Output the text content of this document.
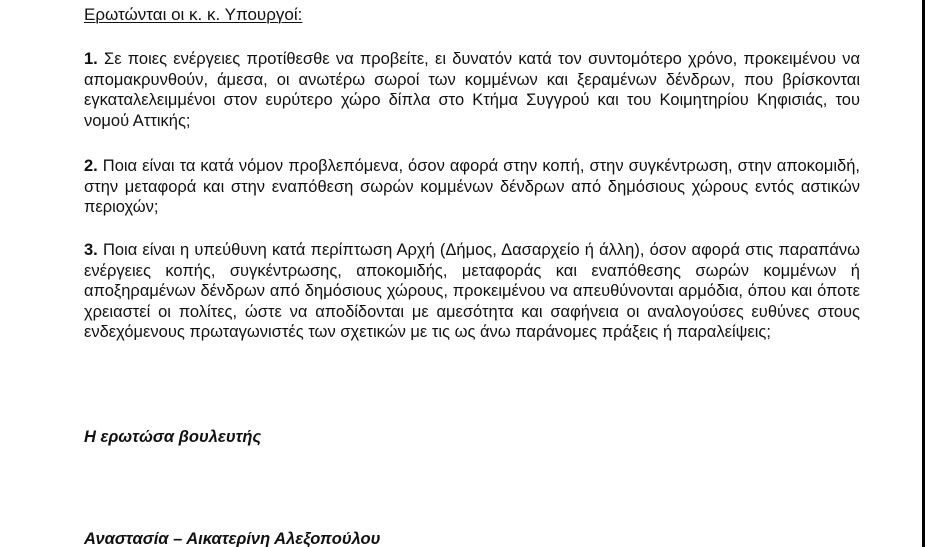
Ερωτώνται οι κ. κ. Υπουργοί:
1. Σε ποιες ενέργειες προτίθεσθε να προβείτε, ει δυνατόν κατά τον συντομότερο χρόνο, προκειμένου να απομακρυνθούν, άμεσα, οι ανωτέρω σωροί των κομμένων και ξεραμένων δένδρων, που βρίσκονται εγκαταλελειμμένοι στον ευρύτερο χώρο δίπλα στο Κτήμα Συγγρού και του Κοιμητηρίου Κηφισιάς, του νομού Αττικής;
2. Ποια είναι τα κατά νόμον προβλεπόμενα, όσον αφορά στην κοπή, στην συγκέντρωση, στην αποκομιδή, στην μεταφορά και στην εναπόθεση σωρών κομμένων δένδρων από δημόσιους χώρους εντός αστικών περιοχών;
3. Ποια είναι η υπεύθυνη κατά περίπτωση Αρχή (Δήμος, Δασαρχείο ή άλλη), όσον αφορά στις παραπάνω ενέργειες κοπής, συγκέντρωσης, αποκομιδής, μεταφοράς και εναπόθεσης σωρών κομμένων ή αποξηραμένων δένδρων από δημόσιους χώρους, προκειμένου να απευθύνονται αρμόδια, όπου και όποτε χρειαστεί οι πολίτες, ώστε να αποδίδονται με αμεσότητα και σαφήνεια οι αναλογούσες ευθύνες στους ενδεχόμενους πρωταγωνιστές των σχετικών με τις ως άνω παράνομες πράξεις ή παραλείψεις;
Η ερωτώσα βουλευτής
Αναστασία – Αικατερίνη Αλεξοπούλου
